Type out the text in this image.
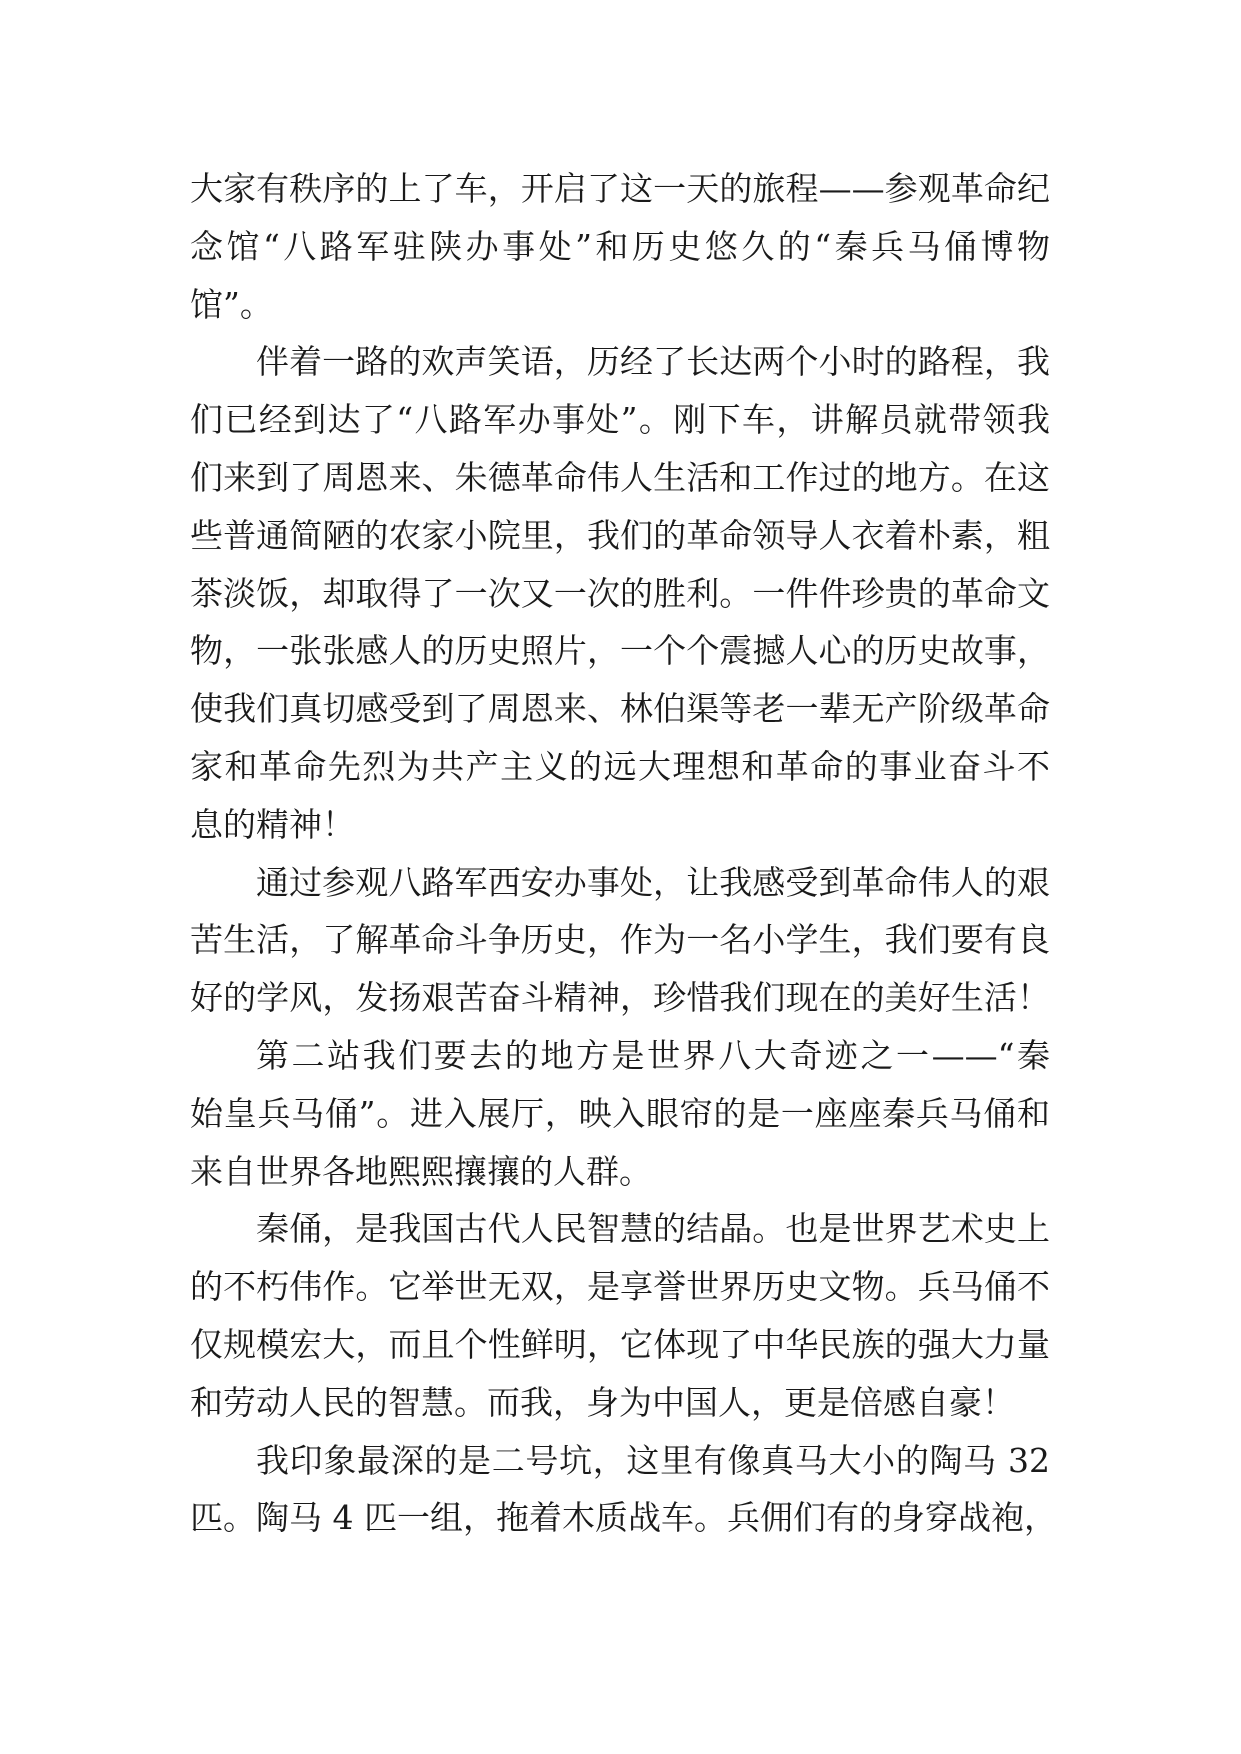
大家有秩序的上了车，开启了这一天的旅程——参观革命纪
念馆“八路军驻陕办事处”和历史悠久的“秦兵马俑博物
馆”。
伴着一路的欢声笑语，历经了长达两个小时的路程，我
们已经到达了“八路军办事处”。刚下车，讲解员就带领我
们来到了周恩来、朱德革命伟人生活和工作过的地方。在这
些普通简陋的农家小院里，我们的革命领导人衣着朴素，粗
茶淡饭，却取得了一次又一次的胜利。一件件珍贵的革命文
物，一张张感人的历史照片，一个个震撼人心的历史故事，
使我们真切感受到了周恩来、林伯渠等老一辈无产阶级革命
家和革命先烈为共产主义的远大理想和革命的事业奋斗不
息的精神！
通过参观八路军西安办事处，让我感受到革命伟人的艰
苦生活，了解革命斗争历史，作为一名小学生，我们要有良
好的学风，发扬艰苦奋斗精神，珍惜我们现在的美好生活！
第二站我们要去的地方是世界八大奇迹之一——“秦
始皇兵马俑”。进入展厅，映入眼帘的是一座座秦兵马俑和
来自世界各地熙熙攘攘的人群。
秦俑，是我国古代人民智慧的结晶。也是世界艺术史上
的不朽伟作。它举世无双，是享誉世界历史文物。兵马俑不
仅规模宏大，而且个性鲜明，它体现了中华民族的强大力量
和劳动人民的智慧。而我，身为中国人，更是倍感自豪！
我印象最深的是二号坑，这里有像真马大小的陶马 32
匹。陶马 4 匹一组，拖着木质战车。兵佣们有的身穿战袍，
